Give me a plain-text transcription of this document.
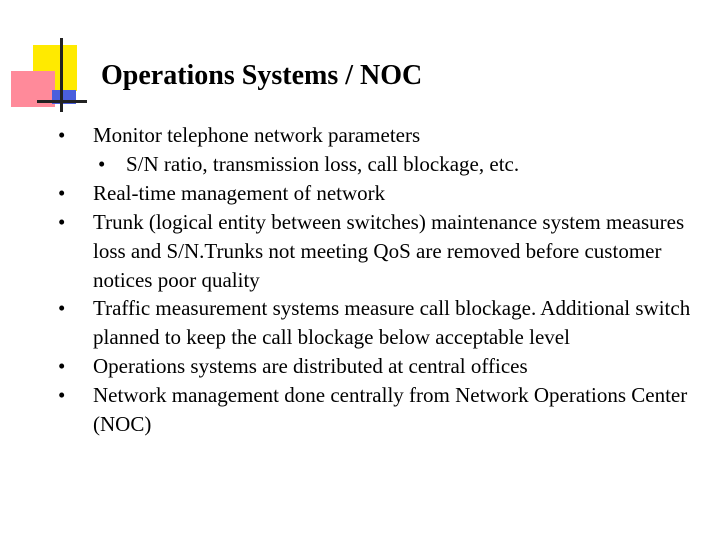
Operations Systems / NOC
• Monitor telephone network parameters
• S/N ratio, transmission loss, call blockage, etc.
• Real-time management of network
• Trunk (logical entity between switches) maintenance system measures loss and S/N.Trunks not meeting QoS are removed before customer notices poor quality
• Traffic measurement systems measure call blockage. Additional switch planned to keep the call blockage below acceptable level
• Operations systems are distributed at central offices
• Network management done centrally from Network Operations Center (NOC)
